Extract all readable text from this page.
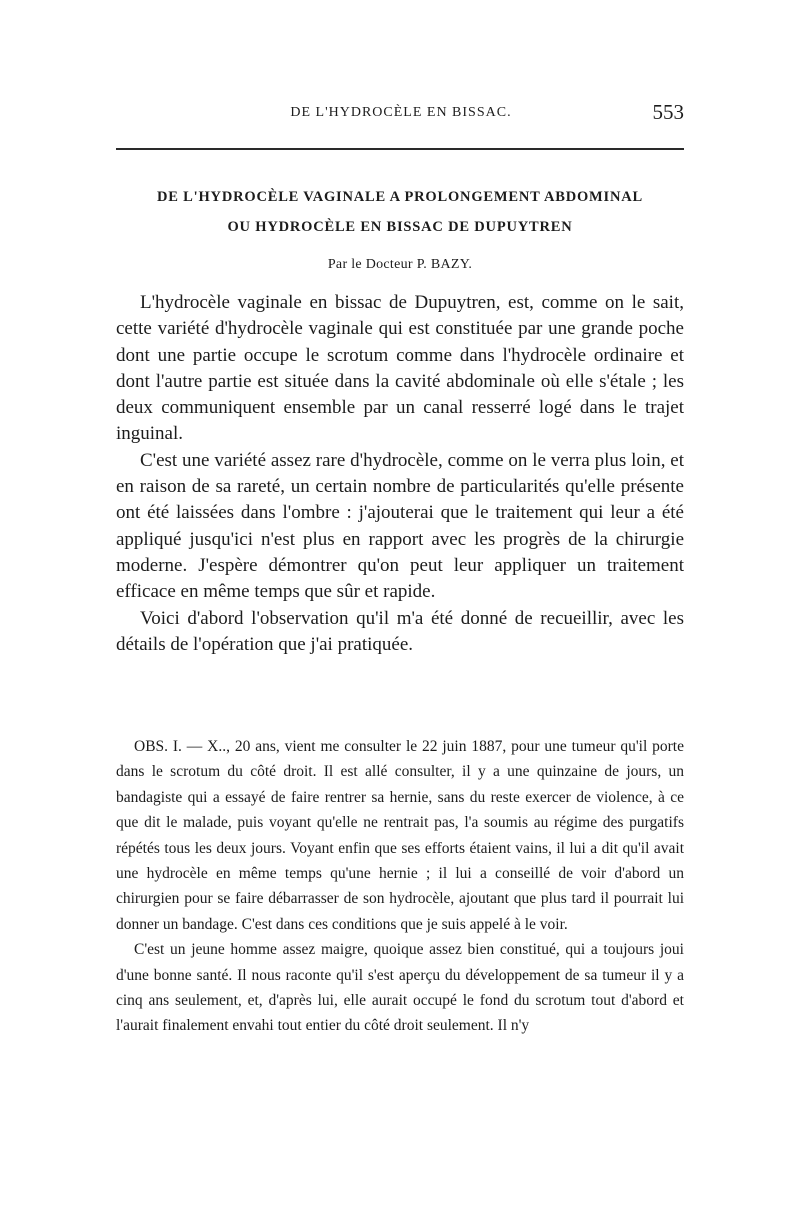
DE L'HYDROCÈLE EN BISSAC.	553
DE L'HYDROCÈLE VAGINALE A PROLONGEMENT ABDOMINAL
OU HYDROCÈLE EN BISSAC DE DUPUYTREN
Par le Docteur P. BAZY.

L'hydrocèle vaginale en bissac de Dupuytren, est, comme on le sait, cette variété d'hydrocèle vaginale qui est constituée par une grande poche dont une partie occupe le scrotum comme dans l'hydrocèle ordinaire et dont l'autre partie est située dans la cavité abdominale où elle s'étale ; les deux communiquent ensemble par un canal resserré logé dans le trajet inguinal.

C'est une variété assez rare d'hydrocèle, comme on le verra plus loin, et en raison de sa rareté, un certain nombre de particularités qu'elle présente ont été laissées dans l'ombre : j'ajouterai que le traitement qui leur a été appliqué jusqu'ici n'est plus en rapport avec les progrès de la chirurgie moderne. J'espère démontrer qu'on peut leur appliquer un traitement efficace en même temps que sûr et rapide.

Voici d'abord l'observation qu'il m'a été donné de recueillir, avec les détails de l'opération que j'ai pratiquée.

OBS. I. — X.., 20 ans, vient me consulter le 22 juin 1887, pour une tumeur qu'il porte dans le scrotum du côté droit. Il est allé consulter, il y a une quinzaine de jours, un bandagiste qui a essayé de faire rentrer sa hernie, sans du reste exercer de violence, à ce que dit le malade, puis voyant qu'elle ne rentrait pas, l'a soumis au régime des purgatifs répétés tous les deux jours. Voyant enfin que ses efforts étaient vains, il lui a dit qu'il avait une hydrocèle en même temps qu'une hernie ; il lui a conseillé de voir d'abord un chirurgien pour se faire débarrasser de son hydrocèle, ajoutant que plus tard il pourrait lui donner un bandage. C'est dans ces conditions que je suis appelé à le voir.

C'est un jeune homme assez maigre, quoique assez bien constitué, qui a toujours joui d'une bonne santé. Il nous raconte qu'il s'est aperçu du développement de sa tumeur il y a cinq ans seulement, et, d'après lui, elle aurait occupé le fond du scrotum tout d'abord et l'aurait finalement envahi tout entier du côté droit seulement. Il n'y
